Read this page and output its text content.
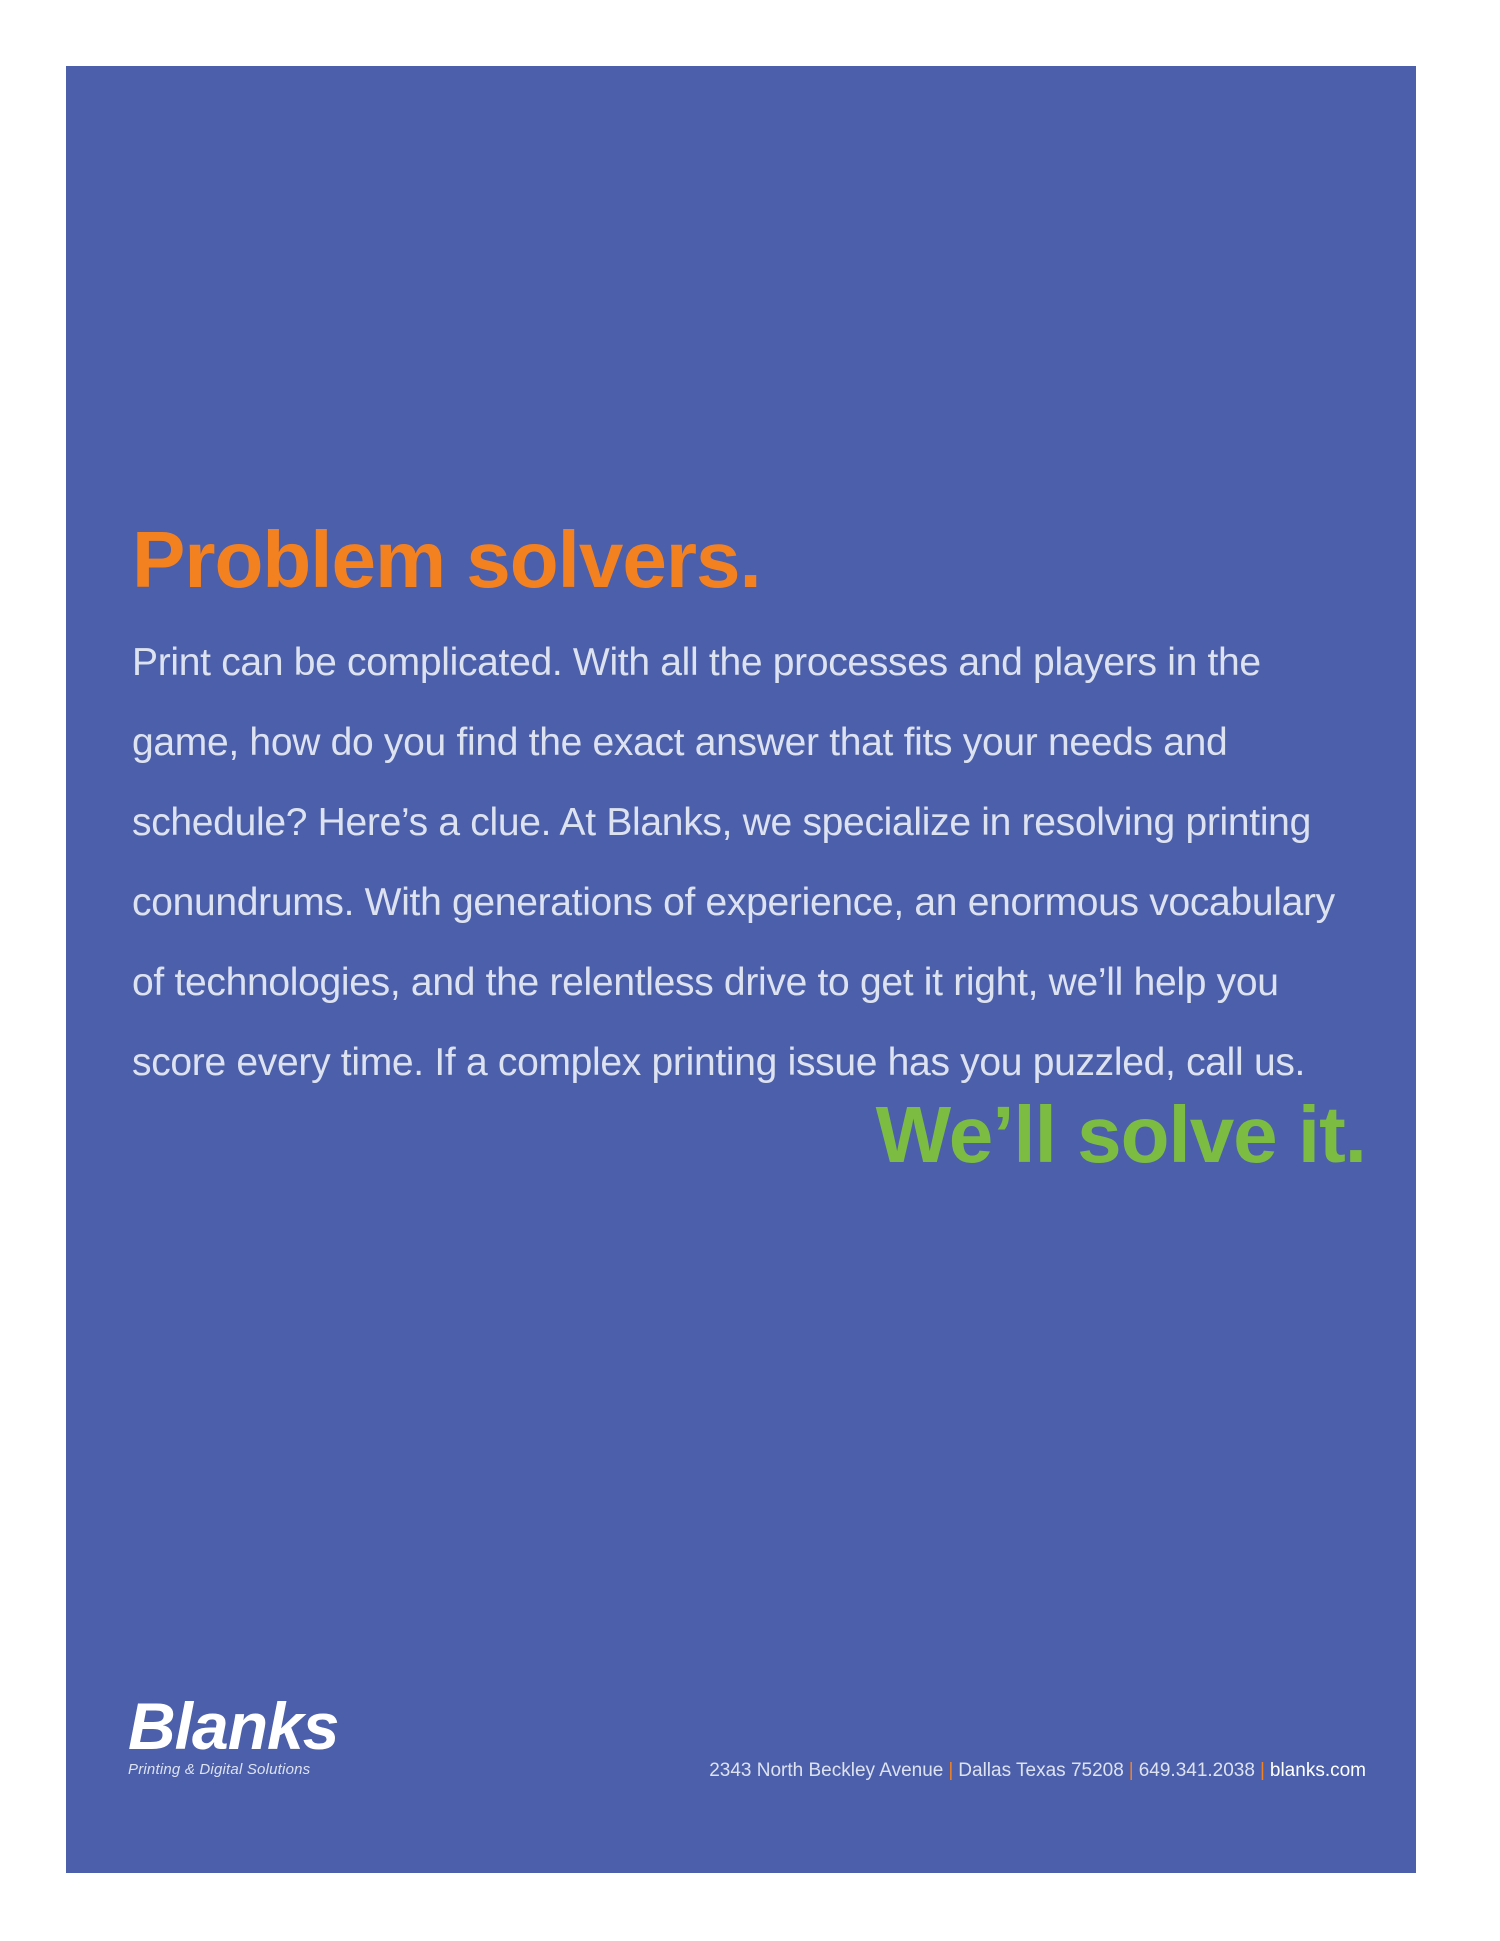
Problem solvers.

Print can be complicated. With all the processes and players in the
game, how do you find the exact answer that fits your needs and
schedule? Here’s a clue. At Blanks, we specialize in resolving printing
conundrums. With generations of experience, an enormous vocabulary
of technologies, and the relentless drive to get it right, we’ll help you
score every time. If a complex printing issue has you puzzled, call us.

We’ll solve it.
Blanks
Printing & Digital Solutions	2343 North Beckley Avenue | Dallas Texas 75208 | 649.341.2038 | blanks.com
